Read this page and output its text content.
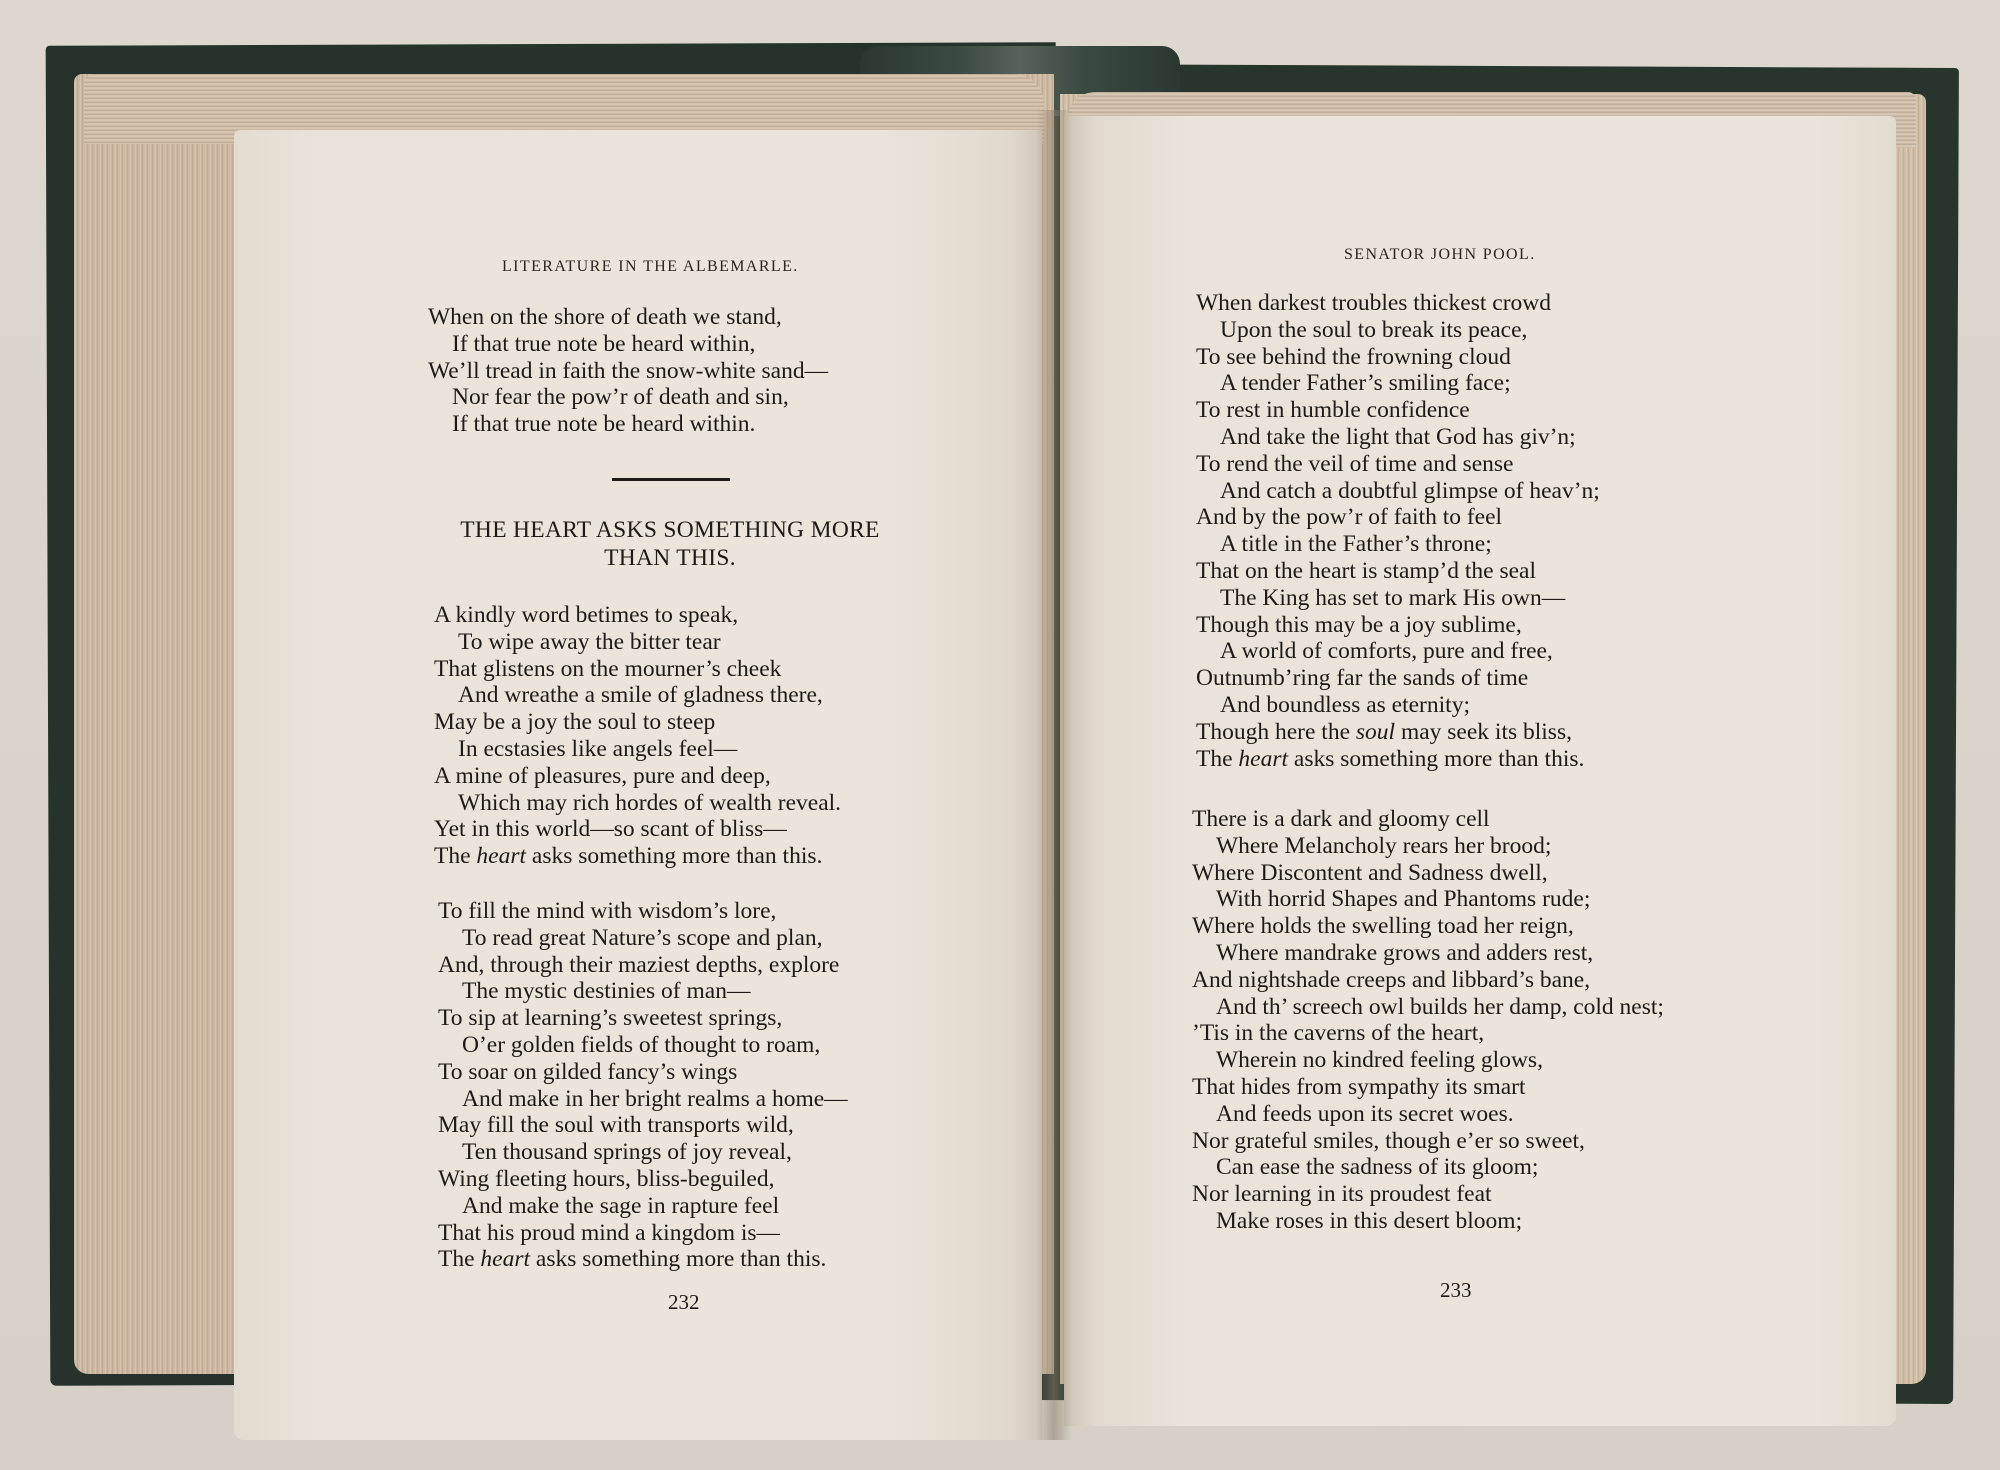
LITERATURE IN THE ALBEMARLE.
When on the shore of death we stand,
If that true note be heard within,
We’ll tread in faith the snow-white sand—
Nor fear the pow’r of death and sin,
If that true note be heard within.
THE HEART ASKS SOMETHING MORE
THAN THIS.
A kindly word betimes to speak,
To wipe away the bitter tear
That glistens on the mourner’s cheek
And wreathe a smile of gladness there,
May be a joy the soul to steep
In ecstasies like angels feel—
A mine of pleasures, pure and deep,
Which may rich hordes of wealth reveal.
Yet in this world—so scant of bliss—
The heart asks something more than this.
To fill the mind with wisdom’s lore,
To read great Nature’s scope and plan,
And, through their maziest depths, explore
The mystic destinies of man—
To sip at learning’s sweetest springs,
O’er golden fields of thought to roam,
To soar on gilded fancy’s wings
And make in her bright realms a home—
May fill the soul with transports wild,
Ten thousand springs of joy reveal,
Wing fleeting hours, bliss-beguiled,
And make the sage in rapture feel
That his proud mind a kingdom is—
The heart asks something more than this.
232
SENATOR JOHN POOL.
When darkest troubles thickest crowd
Upon the soul to break its peace,
To see behind the frowning cloud
A tender Father’s smiling face;
To rest in humble confidence
And take the light that God has giv’n;
To rend the veil of time and sense
And catch a doubtful glimpse of heav’n;
And by the pow’r of faith to feel
A title in the Father’s throne;
That on the heart is stamp’d the seal
The King has set to mark His own—
Though this may be a joy sublime,
A world of comforts, pure and free,
Outnumb’ring far the sands of time
And boundless as eternity;
Though here the soul may seek its bliss,
The heart asks something more than this.
There is a dark and gloomy cell
Where Melancholy rears her brood;
Where Discontent and Sadness dwell,
With horrid Shapes and Phantoms rude;
Where holds the swelling toad her reign,
Where mandrake grows and adders rest,
And nightshade creeps and libbard’s bane,
And th’ screech owl builds her damp, cold nest;
’Tis in the caverns of the heart,
Wherein no kindred feeling glows,
That hides from sympathy its smart
And feeds upon its secret woes.
Nor grateful smiles, though e’er so sweet,
Can ease the sadness of its gloom;
Nor learning in its proudest feat
Make roses in this desert bloom;
233
